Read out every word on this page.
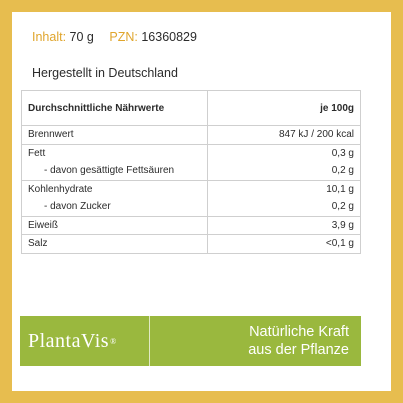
Inhalt: 70 g PZN: 16360829
Hergestellt in Deutschland
Durchschnittliche Nährwerte	je 100g
Brennwert	847 kJ / 200 kcal
Fett	0,3 g
- davon gesättigte Fettsäuren	0,2 g
Kohlenhydrate	10,1 g
- davon Zucker	0,2 g
Eiweiß	3,9 g
Salz	<0,1 g
PlantaVis ®
Natürliche Kraft
aus der Pflanze
